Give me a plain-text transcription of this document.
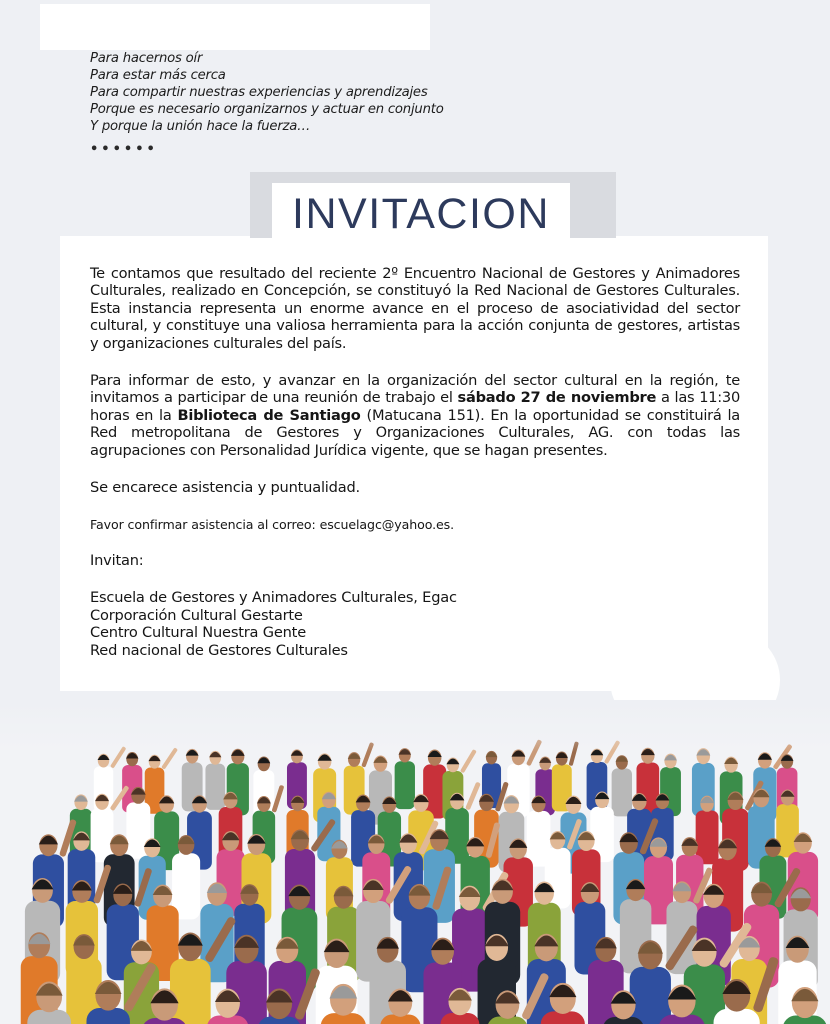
Para hacernos oír
Para estar más cerca
Para compartir nuestras experiencias y aprendizajes
Porque es necesario organizarnos y actuar en conjunto
Y porque la unión hace la fuerza…
••••••
INVITACION

Te contamos que resultado del reciente 2º Encuentro Nacional de Gestores y Animadores Culturales, realizado en Concepción, se constituyó la Red Nacional de Gestores Culturales. Esta instancia representa un enorme avance en el proceso de asociatividad del sector cultural, y constituye una valiosa herramienta para la acción conjunta de gestores, artistas y organizaciones culturales del país.

Para informar de esto, y avanzar en la organización del sector cultural en la región, te invitamos a participar de una reunión de trabajo el sábado 27 de noviembre a las 11:30 horas en la Biblioteca de Santiago (Matucana 151). En la oportunidad se constituirá la Red metropolitana de Gestores y Organizaciones Culturales, AG. con todas las agrupaciones con Personalidad Jurídica vigente, que se hagan presentes.

Se encarece asistencia y puntualidad.
Favor confirmar asistencia al correo: escuelagc@yahoo.es.
Invitan:
Escuela de Gestores y Animadores Culturales, Egac
Corporación Cultural Gestarte
Centro Cultural Nuestra Gente
Red nacional de Gestores Culturales
